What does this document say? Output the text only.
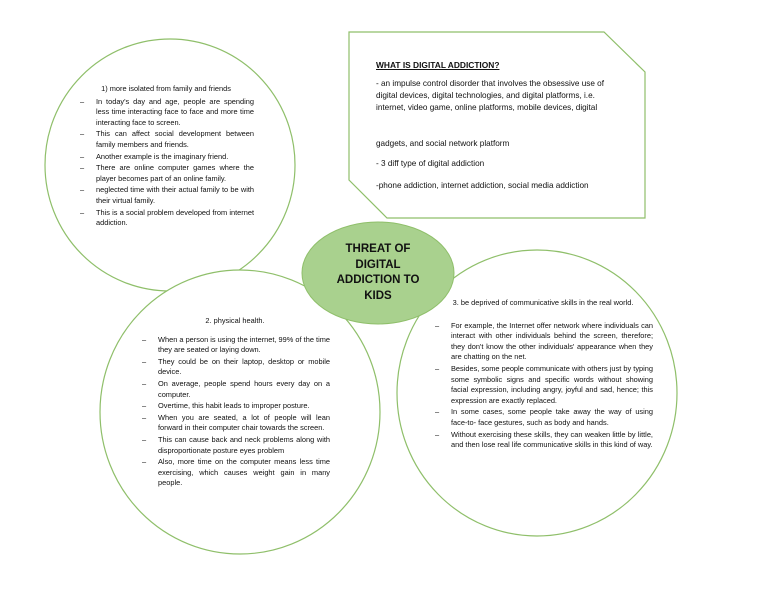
THREAT OF
DIGITAL
ADDICTION TO
KIDS
WHAT IS DIGITAL ADDICTION?
- an impulse control disorder that involves the obsessive use of digital devices, digital technologies, and digital platforms, i.e. internet, video game, online platforms, mobile devices, digital
gadgets, and social network platform
- 3 diff type of digital addiction
-phone addiction, internet addiction, social media addiction
1) more isolated from family and friends
– In today's day and age, people are spending less time interacting face to face and more time interacting face to screen.
– This can affect social development between family members and friends.
– Another example is the imaginary friend.
– There are online computer games where the player becomes part of an online family.
– neglected time with their actual family to be with their virtual family.
– This is a social problem developed from internet addiction.
2. physical health.
– When a person is using the internet, 99% of the time they are seated or laying down.
– They could be on their laptop, desktop or mobile device.
– On average, people spend hours every day on a computer.
– Overtime, this habit leads to improper posture.
– When you are seated, a lot of people will lean forward in their computer chair towards the screen.
– This can cause back and neck problems along with disproportionate posture eyes problem
– Also, more time on the computer means less time exercising, which causes weight gain in many people.
3. be deprived of communicative skills in the real world.
– For example, the Internet offer network where individuals can interact with other individuals behind the screen, therefore; they don't know the other individuals' appearance when they are chatting on the net.
– Besides, some people communicate with others just by typing some symbolic signs and specific words without showing facial expression, including angry, joyful and sad, hence; this expression are exactly replaced.
– In some cases, some people take away the way of using face-to- face gestures, such as body and hands.
– Without exercising these skills, they can weaken little by little, and then lose real life communicative skills in this kind of way.
